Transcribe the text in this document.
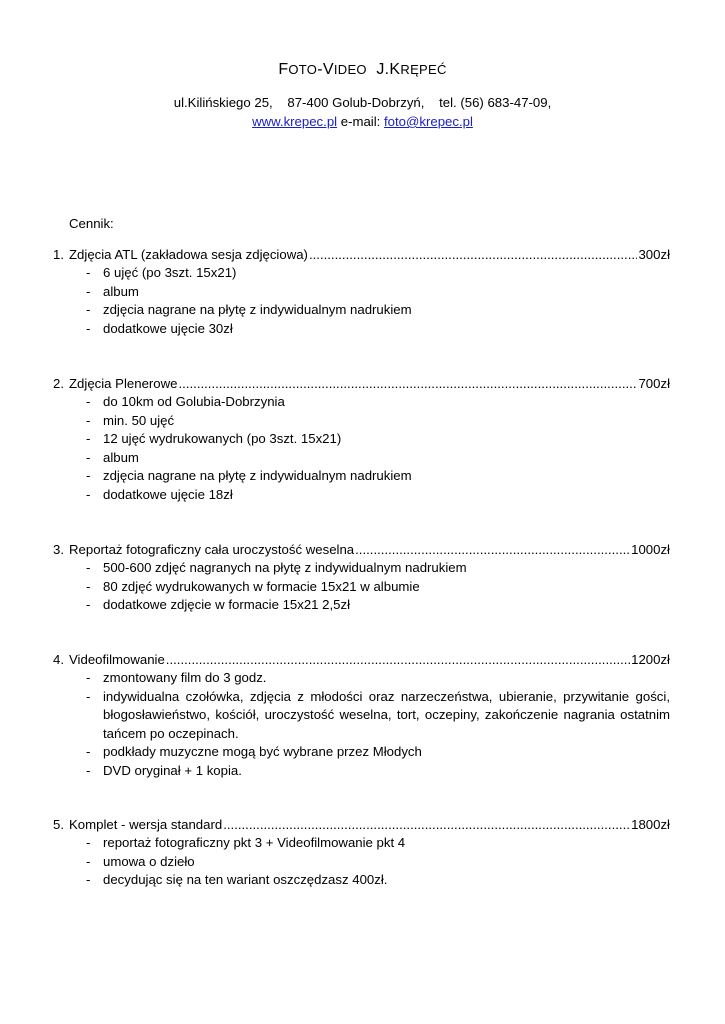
FOTO-VIDEO J.KRĘPEĆ
ul.Kilińskiego 25,    87-400 Golub-Dobrzyń,    tel. (56) 683-47-09,
www.krepec.pl e-mail: foto@krepec.pl
Cennik:
1. Zdjęcia ATL (zakładowa sesja zdjęciowa) .....	300zł
- 6 ujęć (po 3szt. 15x21)
- album
- zdjęcia nagrane na płytę z indywidualnym nadrukiem
- dodatkowe ujęcie 30zł
2. Zdjęcia Plenerowe .....	700zł
- do 10km od Golubia-Dobrzynia
- min. 50 ujęć
- 12 ujęć wydrukowanych (po 3szt. 15x21)
- album
- zdjęcia nagrane na płytę z indywidualnym nadrukiem
- dodatkowe ujęcie 18zł
3. Reportaż fotograficzny cała uroczystość weselna .....	1000zł
- 500-600 zdjęć nagranych na płytę z indywidualnym nadrukiem
- 80 zdjęć wydrukowanych w formacie 15x21 w albumie
- dodatkowe zdjęcie w formacie 15x21 2,5zł
4. Videofilmowanie .....	1200zł
- zmontowany film do 3 godz.
- indywidualna czołówka, zdjęcia z młodości oraz narzeczeństwa, ubieranie, przywitanie gości, błogosławieństwo, kościół, uroczystość weselna, tort, oczepiny, zakończenie nagrania ostatnim tańcem po oczepinach.
- podkłady muzyczne mogą być wybrane przez Młodych
- DVD oryginał + 1 kopia.
5. Komplet - wersja standard .....	1800zł
- reportaż fotograficzny pkt 3 + Videofilmowanie pkt 4
- umowa o dzieło
- decydując się na ten wariant oszczędzasz 400zł.
